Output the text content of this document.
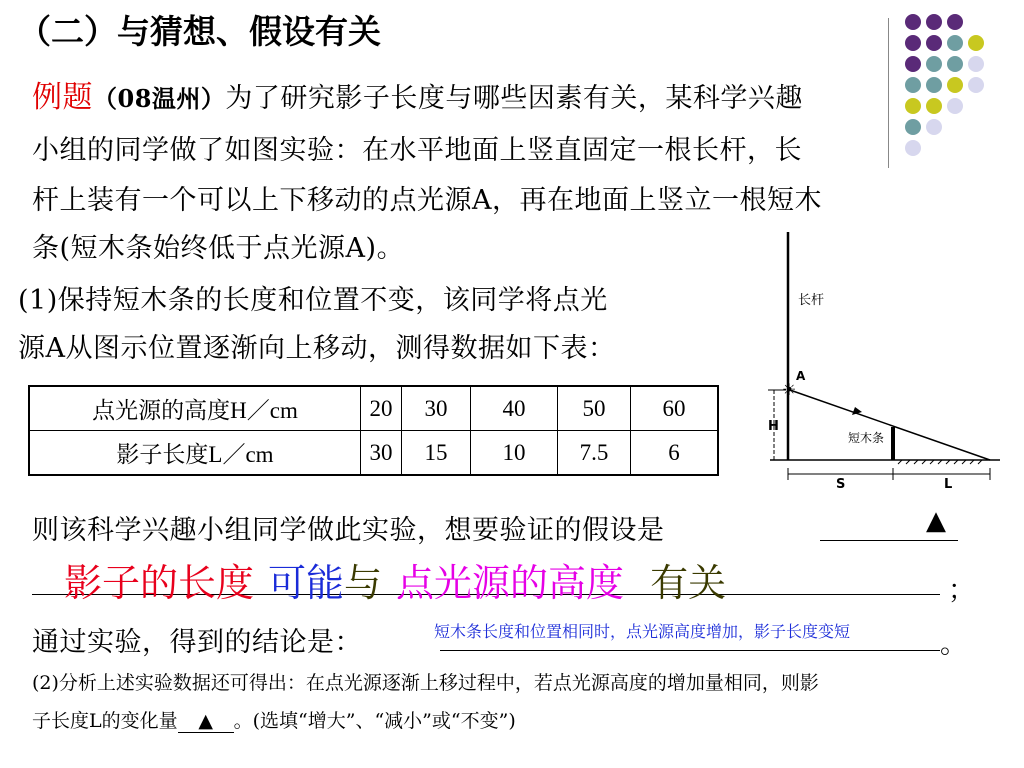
（二）与猜想、假设有关
例题（08温州）为了研究影子长度与哪些因素有关，某科学兴趣
小组的同学做了如图实验：在水平地面上竖直固定一根长杆，长
杆上装有一个可以上下移动的点光源A，再在地面上竖立一根短木
条(短木条始终低于点光源A)。
(1)保持短木条的长度和位置不变，该同学将点光
源A从图示位置逐渐向上移动，测得数据如下表：
点光源的高度H／cm	20	30	40	50	60
影子长度L／cm	30	15	10	7.5	6
长杆
☀
A
短木条
H
S	L
则该科学兴趣小组同学做此实验，想要验证的假设是	▲
影子的长度 可能与 点光源的高度 有关	；
通过实验，得到的结论是：	短木条长度和位置相同时，点光源高度增加，影子长度变短	。
(2)分析上述实验数据还可得出：在点光源逐渐上移过程中，若点光源高度的增加量相同，则影
子长度L的变化量 ▲ 。(选填“增大”、“减小”或“不变”)
